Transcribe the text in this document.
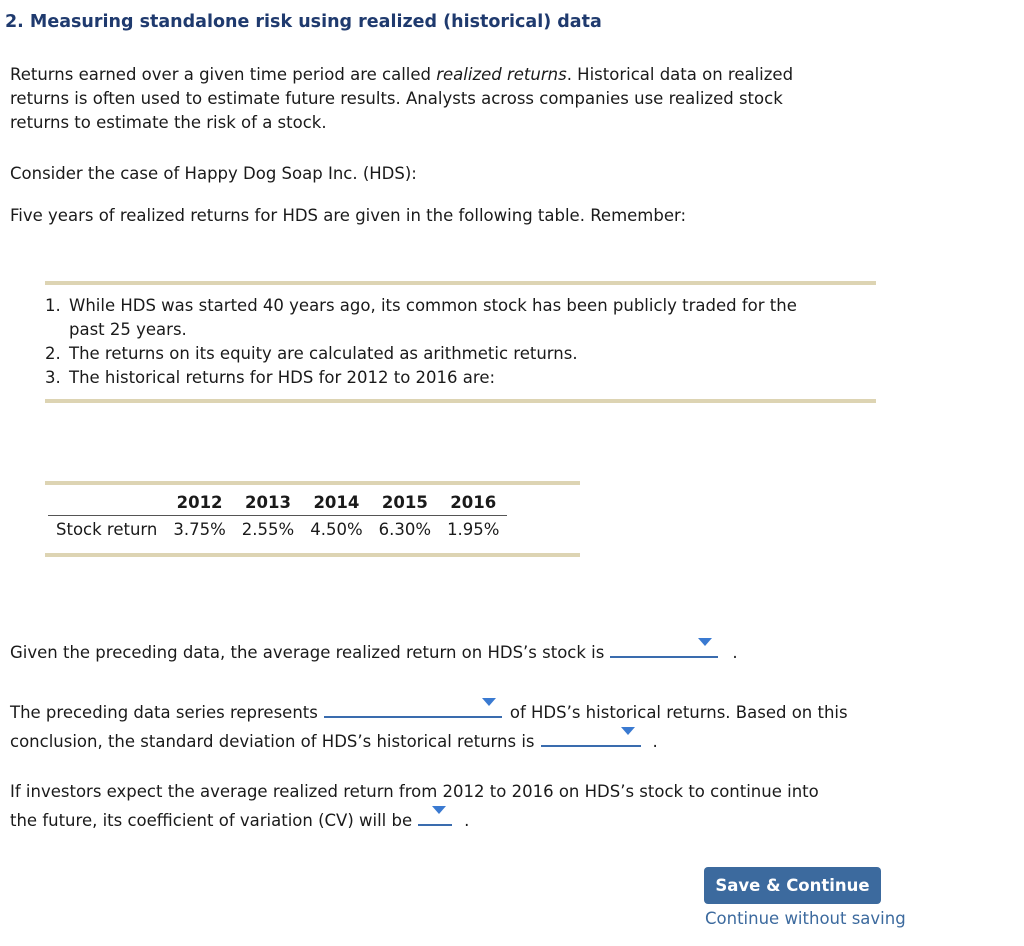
2. Measuring standalone risk using realized (historical) data

Returns earned over a given time period are called realized returns. Historical data on realized
returns is often used to estimate future results. Analysts across companies use realized stock
returns to estimate the risk of a stock.

Consider the case of Happy Dog Soap Inc. (HDS):

Five years of realized returns for HDS are given in the following table. Remember:

1. While HDS was started 40 years ago, its common stock has been publicly traded for the
past 25 years.
2. The returns on its equity are calculated as arithmetic returns.
3. The historical returns for HDS for 2012 to 2016 are:
	2012	2013	2014	2015	2016
Stock return	3.75%	2.55%	4.50%	6.30%	1.95%

Given the preceding data, the average realized return on HDS’s stock is	.

The preceding data series represents	of HDS’s historical returns. Based on this
conclusion, the standard deviation of HDS’s historical returns is	.

If investors expect the average realized return from 2012 to 2016 on HDS’s stock to continue into
the future, its coefficient of variation (CV) will be	.

Save & Continue
Continue without saving
